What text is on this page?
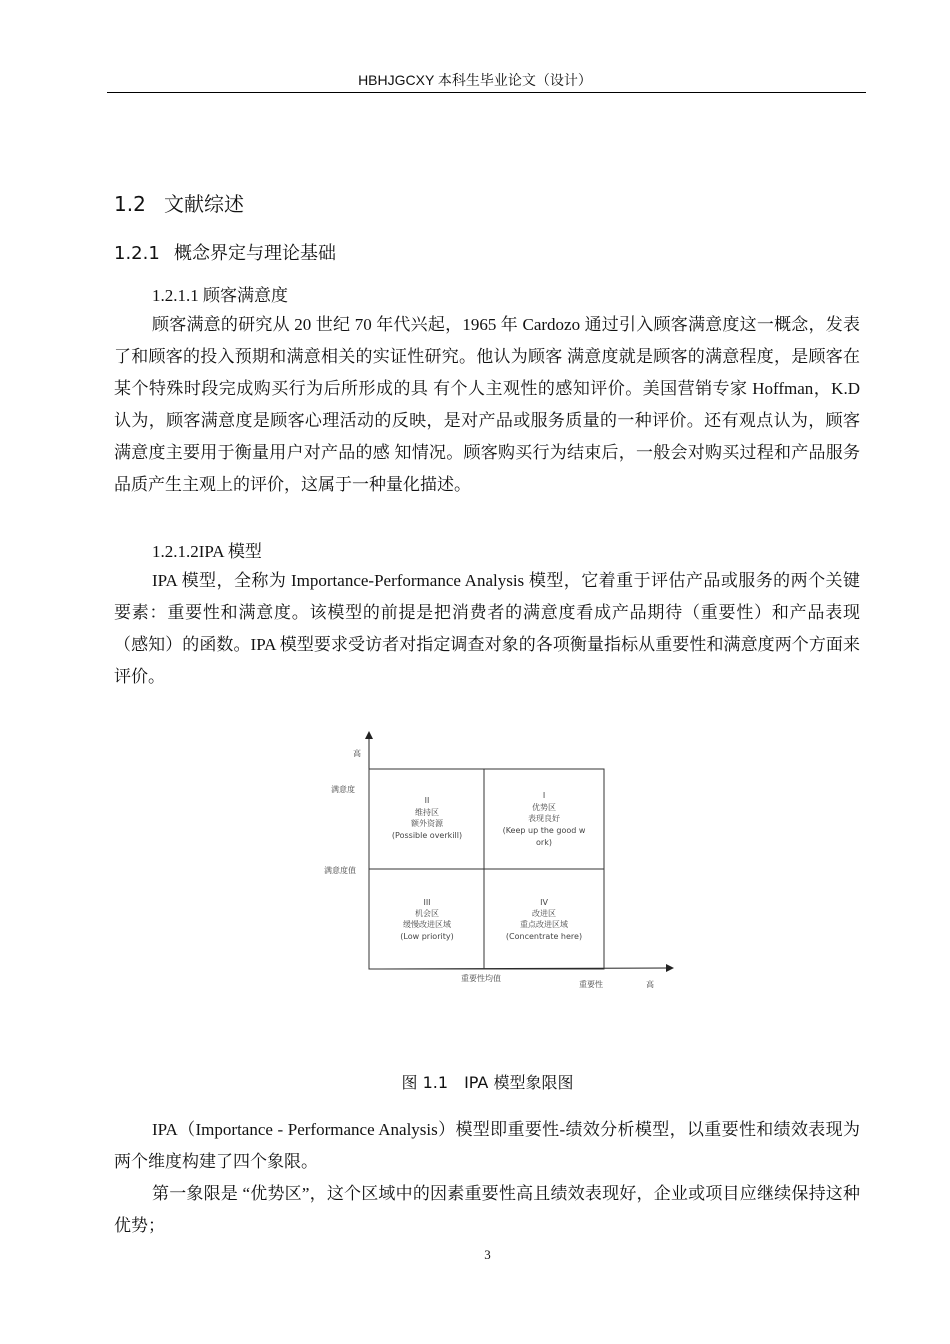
HBHJGCXY 本科生毕业论文（设计）
1.2 文献综述
1.2.1 概念界定与理论基础
1.2.1.1 顾客满意度
顾客满意的研究从 20 世纪 70 年代兴起，1965 年 Cardozo 通过引入顾客满意度这一概念，发表了和顾客的投入预期和满意相关的实证性研究。他认为顾客 满意度就是顾客的满意程度，是顾客在某个特殊时段完成购买行为后所形成的具 有个人主观性的感知评价。美国营销专家 Hoffman，K.D 认为，顾客满意度是顾客心理活动的反映，是对产品或服务质量的一种评价。还有观点认为，顾客满意度主要用于衡量用户对产品的感 知情况。顾客购买行为结束后，一般会对购买过程和产品服务品质产生主观上的评价，这属于一种量化描述。
1.2.1.2IPA 模型
IPA 模型，全称为 Importance-Performance Analysis 模型，它着重于评估产品或服务的两个关键要素：重要性和满意度。该模型的前提是把消费者的满意度看成产品期待（重要性）和产品表现（感知）的函数。IPA 模型要求受访者对指定调查对象的各项衡量指标从重要性和满意度两个方面来评价。
高
满意度
满意度值
重要性均值
重要性	高
II
维持区
额外资源
(Possible overkill)
I
优势区
表现良好
(Keep up the good w
ork)
III
机会区
缓慢改进区域
(Low priority)
IV
改进区
重点改进区域
(Concentrate here)
图 1.1　IPA 模型象限图
IPA（Importance - Performance Analysis）模型即重要性-绩效分析模型，以重要性和绩效表现为两个维度构建了四个象限。
第一象限是 “优势区”，这个区域中的因素重要性高且绩效表现好，企业或项目应继续保持这种优势；
3
